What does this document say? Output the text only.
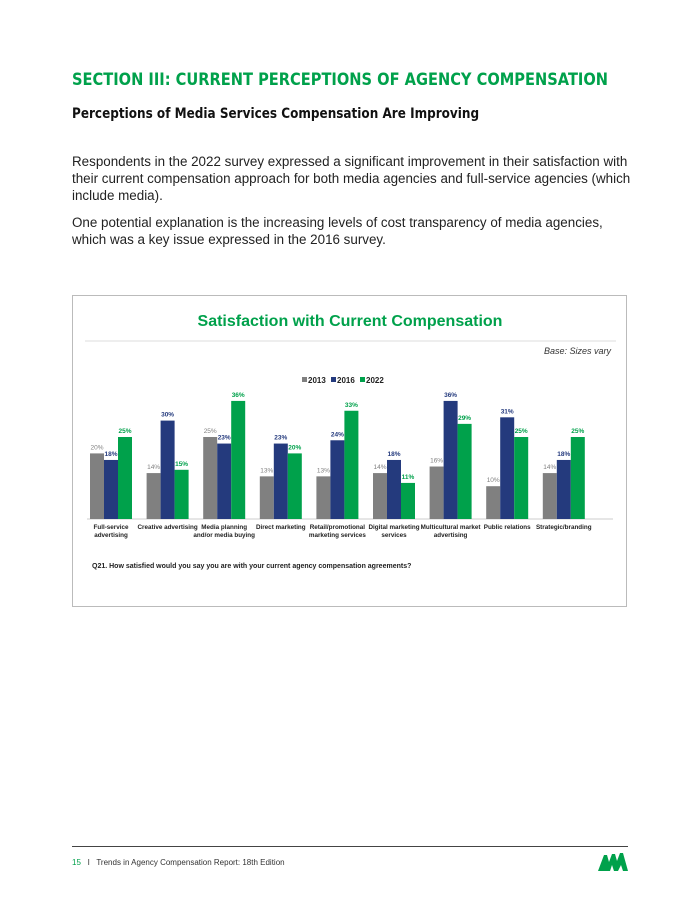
SECTION III: CURRENT PERCEPTIONS OF AGENCY COMPENSATION
Perceptions of Media Services Compensation Are Improving
Respondents in the 2022 survey expressed a significant improvement in their satisfaction with their current compensation approach for both media agencies and full-service agencies (which include media).
One potential explanation is the increasing levels of cost transparency of media agencies, which was a key issue expressed in the 2016 survey.
Satisfaction with Current Compensation
Base: Sizes vary
2013 2016 2022
20%
18%
25%
Full-service
advertising
14%
30%
15%
Creative advertising
25%
23%
36%
Media planning
and/or media buying
13%
23%
20%
Direct marketing
13%
24%
33%
Retail/promotional
marketing services
14%
18%
11%
Digital marketing
services
16%
36%
29%
Multicultural market
advertising
10%
31%
25%
Public relations
14%
18%
25%
Strategic/branding
Q21. How satisfied would you say you are with your current agency compensation agreements?
15 I Trends in Agency Compensation Report: 18th Edition
